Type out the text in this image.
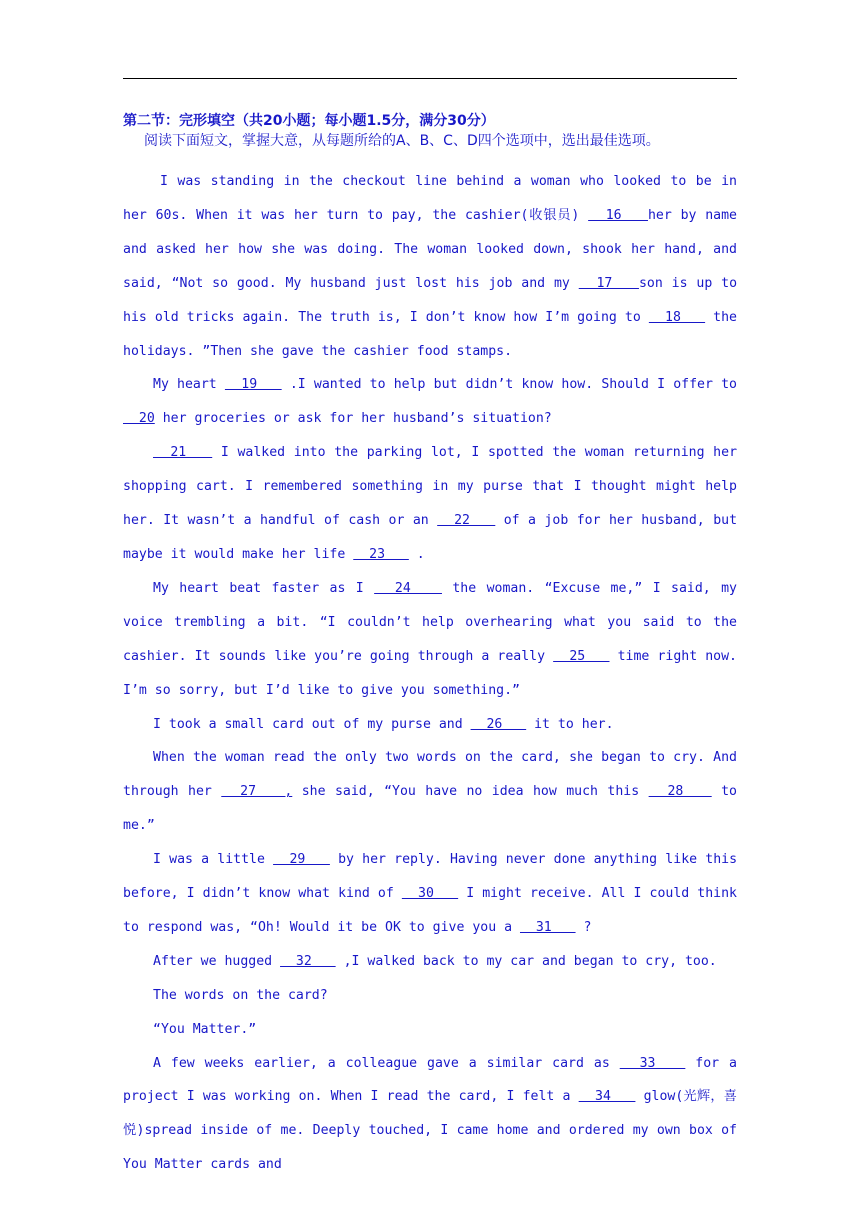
第二节：完形填空（共20小题；每小题1.5分，满分30分）
阅读下面短文，掌握大意，从每题所给的A、B、C、D四个选项中，选出最佳选项。

I was standing in the checkout line behind a woman who looked to be in her 60s. When it was her turn to pay, the cashier(收银员)   16   her by name and asked her how she was doing. The woman looked down, shook her hand, and said, “Not so good. My husband just lost his job and my   17   son is up to his old tricks again. The truth is, I don’t know how I’m going to   18    the holidays. ”Then she gave the cashier food stamps.

My heart   19    .I wanted to help but didn’t know how. Should I offer to   20 her groceries or ask for her husband’s situation?

21    I walked into the parking lot, I spotted the woman returning her shopping cart. I remembered something in my purse that I thought might help her. It wasn’t a handful of cash or an   22    of a job for her husband, but maybe it would make her life   23    .

My heart beat faster as I   24    the woman. “Excuse me,” I said, my voice trembling a bit. “I couldn’t help overhearing what you said to the cashier. It sounds like you’re going through a really   25    time right now. I’m so sorry, but I’d like to give you something.”

I took a small card out of my purse and   26    it to her.

When the woman read the only two words on the card, she began to cry. And through her   27   , she said, “You have no idea how much this   28    to me.”

I was a little   29    by her reply. Having never done anything like this before, I didn’t know what kind of   30    I might receive. All I could think to respond was, “Oh! Would it be OK to give you a   31    ?

After we hugged   32    ,I walked back to my car and began to cry, too.

The words on the card?

“You Matter.”

A few weeks earlier, a colleague gave a similar card as   33    for a project I was working on. When I read the card, I felt a   34    glow(光辉，喜悦)spread inside of me. Deeply touched, I came home and ordered my own box of You Matter cards and
